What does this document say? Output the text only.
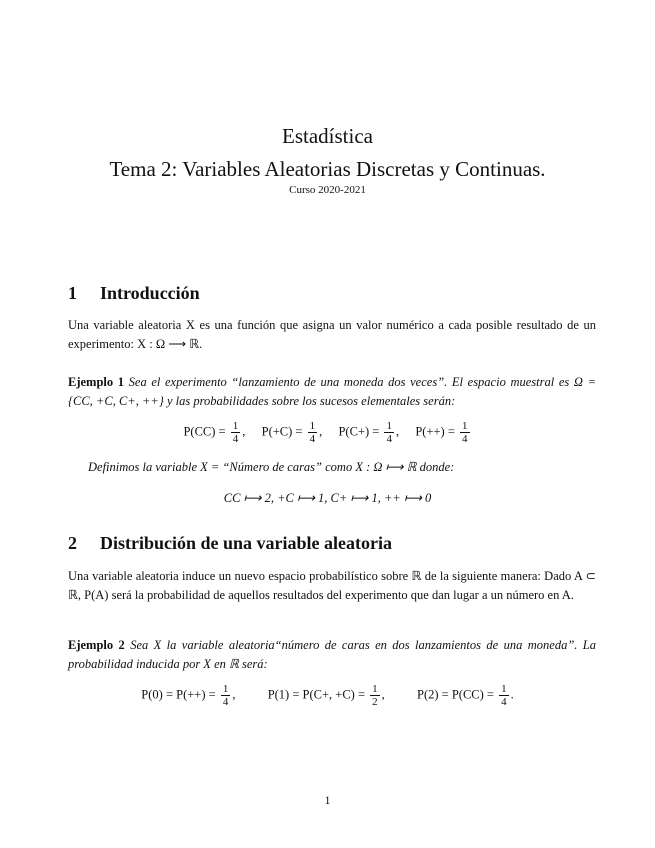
Estadística
Tema 2: Variables Aleatorias Discretas y Continuas.
Curso 2020-2021
1 Introducción
Una variable aleatoria X es una función que asigna un valor numérico a cada posible resultado de un experimento: X : Ω ⟶ ℝ.
Ejemplo 1 Sea el experimento “lanzamiento de una moneda dos veces”. El espacio muestral es Ω = {CC, +C, C+, ++} y las probabilidades sobre los sucesos elementales serán:
$P(CC) = \frac{1}{4}$ , $P(+C) = \frac{1}{4}$ , $P(C+) = \frac{1}{4}$ , $P(++) = \frac{1}{4}$
Definimos la variable X = “Número de caras” como X : Ω ⟼ ℝ donde:
CC ⟼ 2, +C ⟼ 1, C+ ⟼ 1, ++ ⟼ 0
2 Distribución de una variable aleatoria
Una variable aleatoria induce un nuevo espacio probabilístico sobre ℝ de la siguiente manera: Dado A ⊂ ℝ, P(A) será la probabilidad de aquellos resultados del experimento que dan lugar a un número en A.
Ejemplo 2 Sea X la variable aleatoria“número de caras en dos lanzamientos de una moneda”. La probabilidad inducida por X en ℝ será:
$P(0) = P(++) = \frac{1}{4}$ ,	P(1) = P(C+, $+C) = \frac{1}{2}$ ,	$P(2) = P(CC) = \frac{1}{4}$ .
1
